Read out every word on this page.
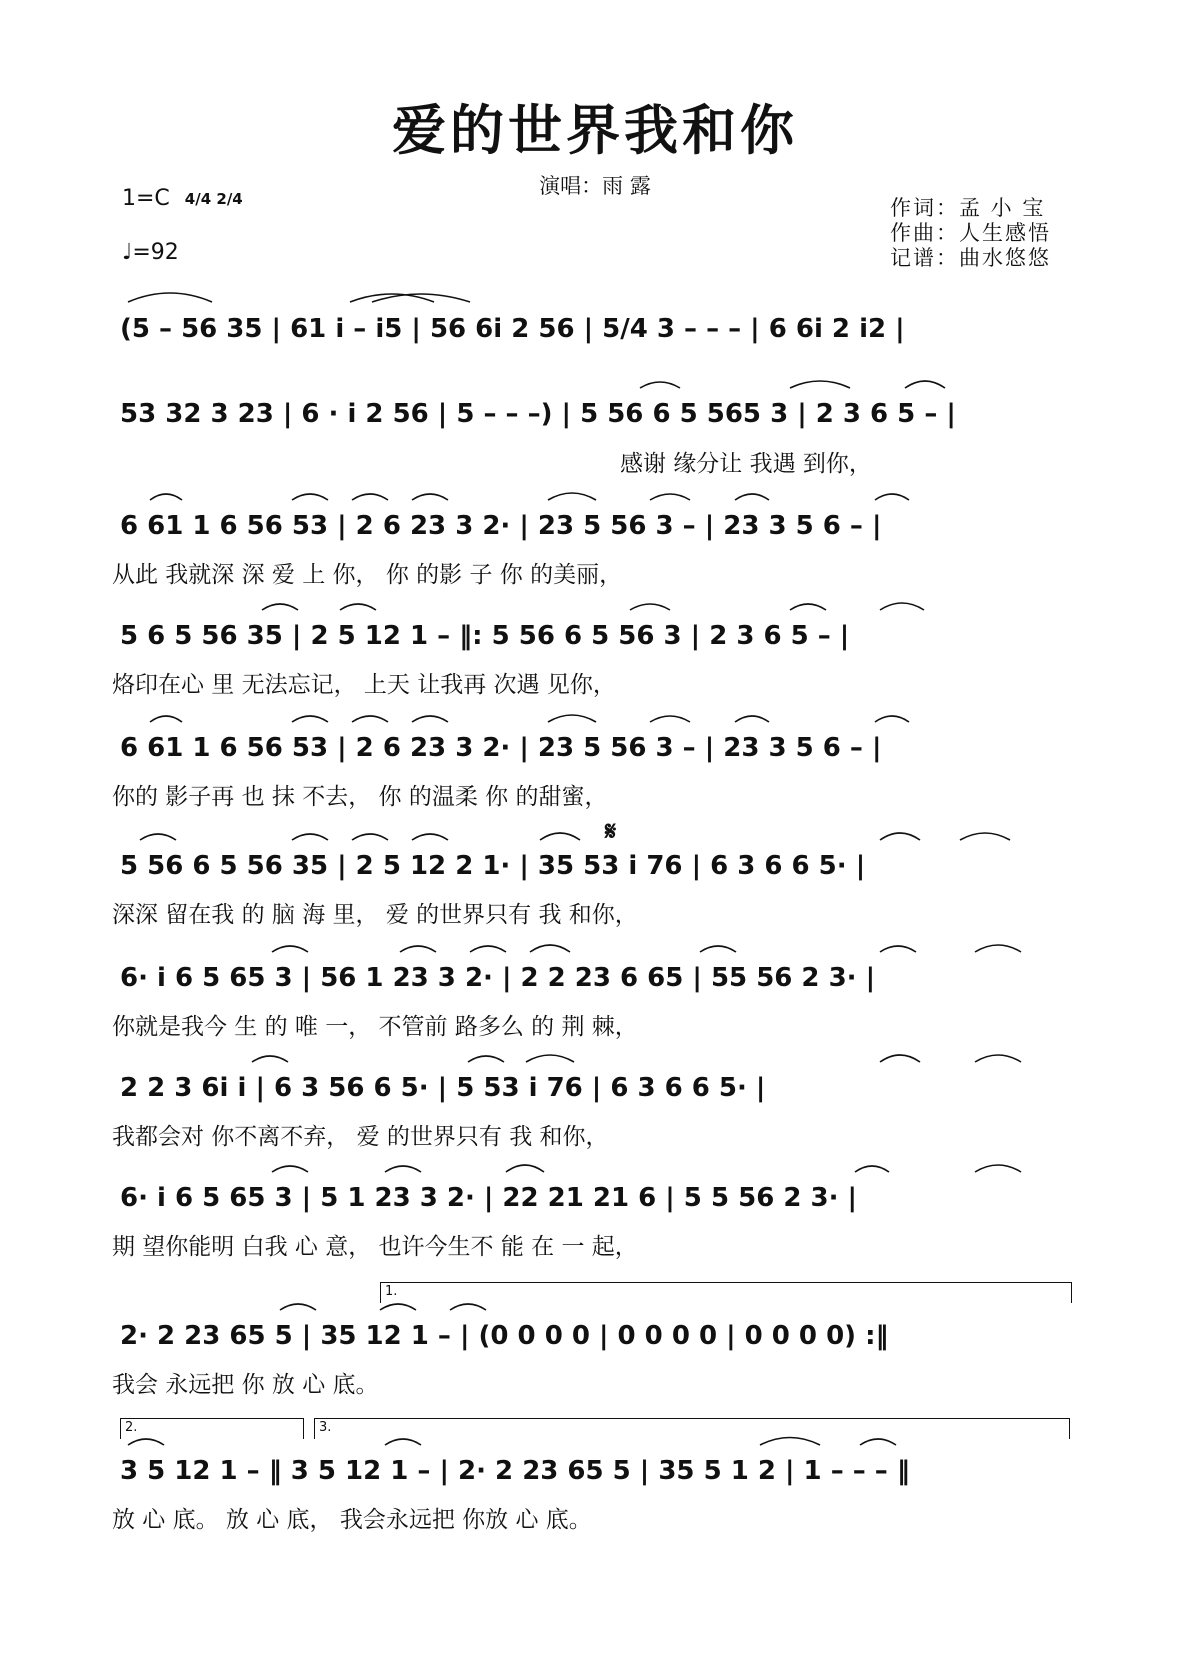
爱的世界我和你
演唱：雨 露
1=C 4/4 2/4
♩=92
作词：孟 小 宝
作曲：人生感悟
记谱：曲水悠悠
(5 – 56 35 | 61 i – i5 | 56 6i 2 56 | 5/4 3 – – – | 6 6i 2 i2 |
53 32 3 23 | 6 · i 2 56 | 5 – – –) | 5 56 6 5 565 3 | 2 3 6 5 – |
感谢 缘分让 我遇 到你，
6 61 1 6 56 53 | 2 6 23 3 2· | 23 5 56 3 – | 23 3 5 6 – |
从此 我就深 深 爱 上 你， 你 的影 子 你 的美丽，
5 6 5 56 35 | 2 5 12 1 – ‖: 5 56 6 5 56 3 | 2 3 6 5 – |
烙印在心 里 无法忘记， 上天 让我再 次遇 见你，
6 61 1 6 56 53 | 2 6 23 3 2· | 23 5 56 3 – | 23 3 5 6 – |
你的 影子再 也 抹 不去， 你 的温柔 你 的甜蜜，
𝄋
5 56 6 5 56 35 | 2 5 12 2 1· | 35 53 i 76 | 6 3 6 6 5· |
深深 留在我 的 脑 海 里， 爱 的世界只有 我 和你，
6· i 6 5 65 3 | 56 1 23 3 2· | 2 2 23 6 65 | 55 56 2 3· |
你就是我今 生 的 唯 一， 不管前 路多么 的 荆 棘，
2 2 3 6i i | 6 3 56 6 5· | 5 53 i 76 | 6 3 6 6 5· |
我都会对 你不离不弃， 爱 的世界只有 我 和你，
6· i 6 5 65 3 | 5 1 23 3 2· | 22 21 21 6 | 5 5 56 2 3· |
期 望你能明 白我 心 意， 也许今生不 能 在 一 起，
1.
2· 2 23 65 5 | 35 12 1 – | (0 0 0 0 | 0 0 0 0 | 0 0 0 0) :‖
我会 永远把 你 放 心 底。
2.	3.
3 5 12 1 – ‖ 3 5 12 1 – | 2· 2 23 65 5 | 35 5 1 2 | 1 – – – ‖
放 心 底。 放 心 底， 我会永远把 你放 心 底。
